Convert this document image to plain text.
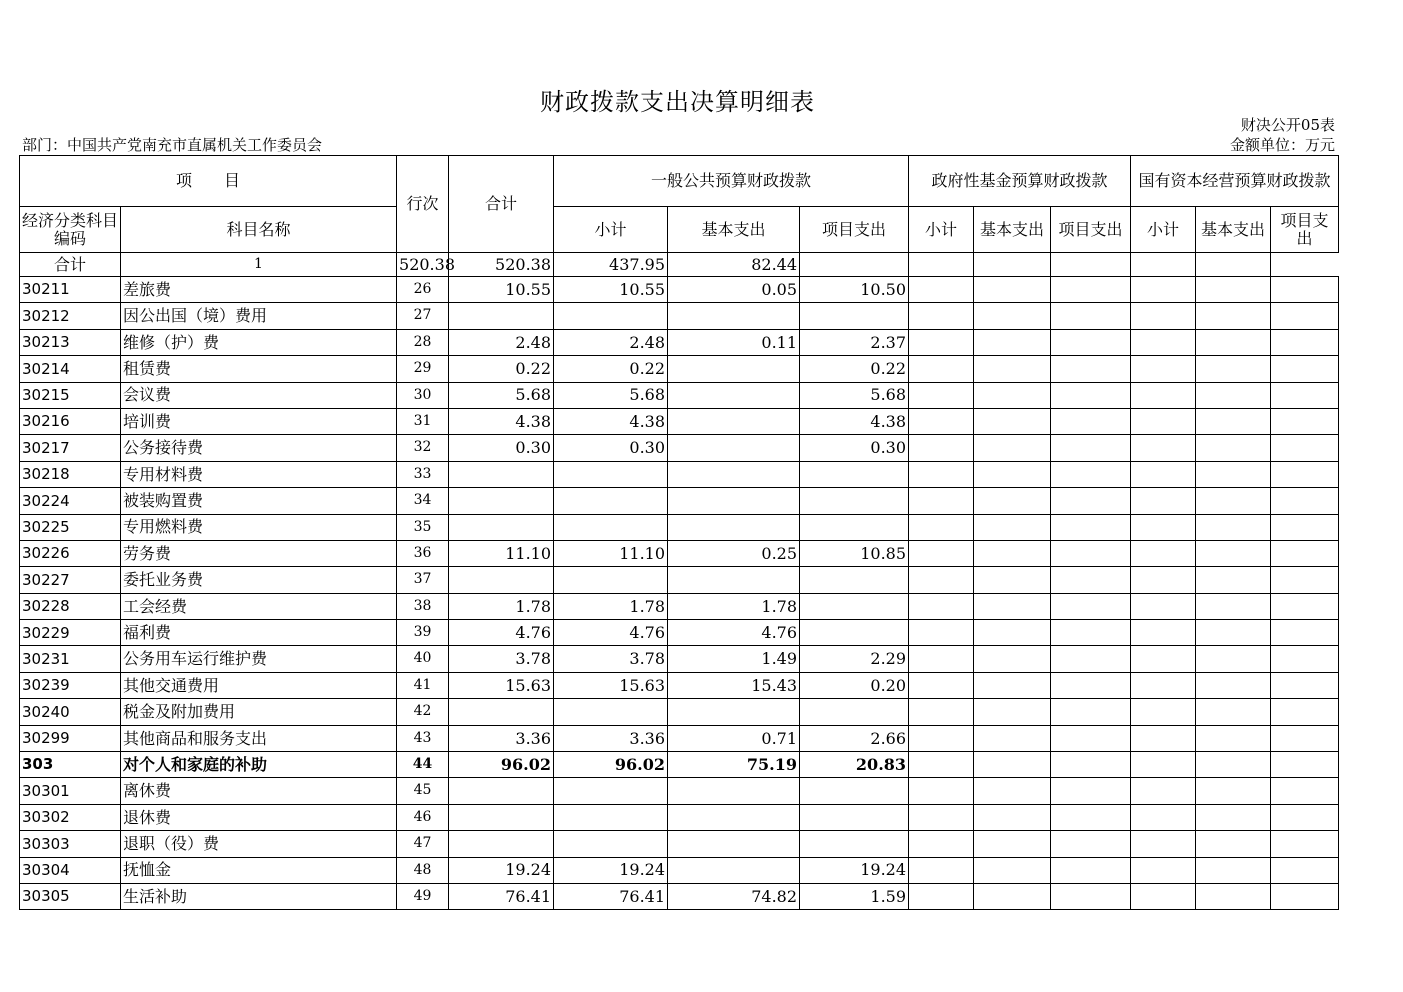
财政拨款支出决算明细表
财决公开05表
金额单位：万元
部门：中国共产党南充市直属机关工作委员会
项　　目		行次	合计	一般公共预算财政拨款			政府性基金预算财政拨款			国有资本经营预算财政拨款		
经济分类科目编码	科目名称			小计	基本支出	项目支出	小计	基本支出	项目支出	小计	基本支出	项目支出
合计	1	520.38	520.38	437.95	82.44							
30211	差旅费	26	10.55	10.55	0.05	10.50						
30212	因公出国（境）费用	27										
30213	维修（护）费	28	2.48	2.48	0.11	2.37						
30214	租赁费	29	0.22	0.22		0.22						
30215	会议费	30	5.68	5.68		5.68						
30216	培训费	31	4.38	4.38		4.38						
30217	公务接待费	32	0.30	0.30		0.30						
30218	专用材料费	33										
30224	被装购置费	34										
30225	专用燃料费	35										
30226	劳务费	36	11.10	11.10	0.25	10.85						
30227	委托业务费	37										
30228	工会经费	38	1.78	1.78	1.78							
30229	福利费	39	4.76	4.76	4.76							
30231	公务用车运行维护费	40	3.78	3.78	1.49	2.29						
30239	其他交通费用	41	15.63	15.63	15.43	0.20						
30240	税金及附加费用	42										
30299	其他商品和服务支出	43	3.36	3.36	0.71	2.66						
303	对个人和家庭的补助	44	96.02	96.02	75.19	20.83						
30301	离休费	45										
30302	退休费	46										
30303	退职（役）费	47										
30304	抚恤金	48	19.24	19.24		19.24						
30305	生活补助	49	76.41	76.41	74.82	1.59						
